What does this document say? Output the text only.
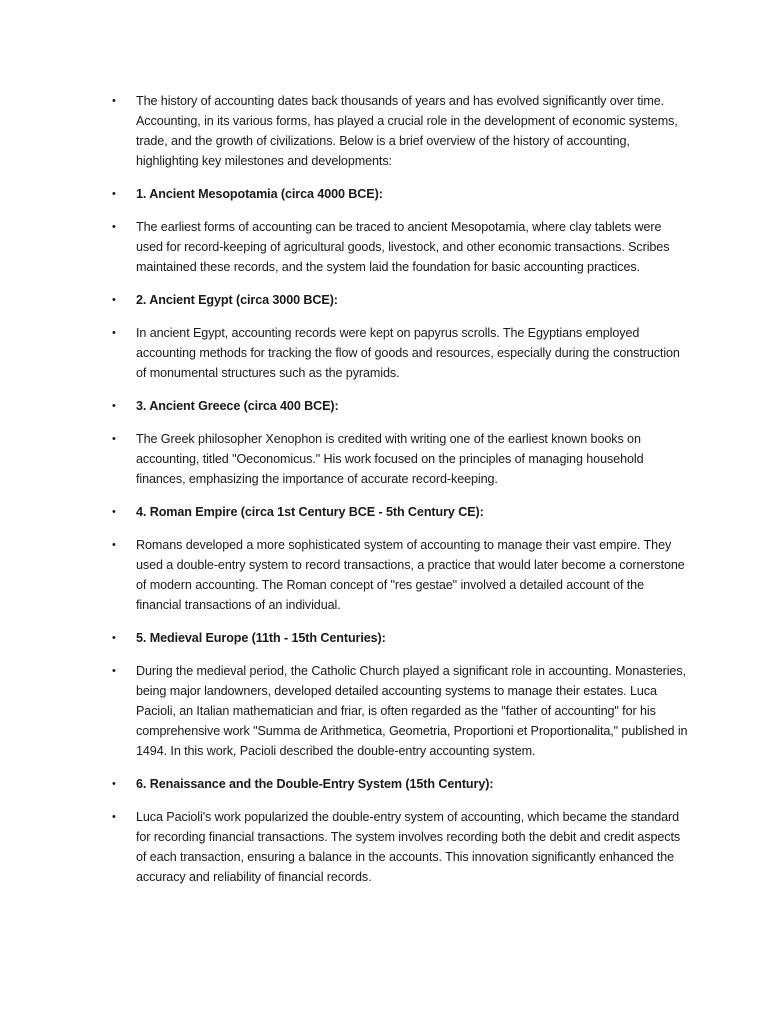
•	The history of accounting dates back thousands of years and has evolved significantly over time. Accounting, in its various forms, has played a crucial role in the development of economic systems, trade, and the growth of civilizations. Below is a brief overview of the history of accounting, highlighting key milestones and developments:
•	1. Ancient Mesopotamia (circa 4000 BCE):
•	The earliest forms of accounting can be traced to ancient Mesopotamia, where clay tablets were used for record-keeping of agricultural goods, livestock, and other economic transactions. Scribes maintained these records, and the system laid the foundation for basic accounting practices.
•	2. Ancient Egypt (circa 3000 BCE):
•	In ancient Egypt, accounting records were kept on papyrus scrolls. The Egyptians employed accounting methods for tracking the flow of goods and resources, especially during the construction of monumental structures such as the pyramids.
•	3. Ancient Greece (circa 400 BCE):
•	The Greek philosopher Xenophon is credited with writing one of the earliest known books on accounting, titled "Oeconomicus." His work focused on the principles of managing household finances, emphasizing the importance of accurate record-keeping.
•	4. Roman Empire (circa 1st Century BCE - 5th Century CE):
•	Romans developed a more sophisticated system of accounting to manage their vast empire. They used a double-entry system to record transactions, a practice that would later become a cornerstone of modern accounting. The Roman concept of "res gestae" involved a detailed account of the financial transactions of an individual.
•	5. Medieval Europe (11th - 15th Centuries):
•	During the medieval period, the Catholic Church played a significant role in accounting. Monasteries, being major landowners, developed detailed accounting systems to manage their estates. Luca Pacioli, an Italian mathematician and friar, is often regarded as the "father of accounting" for his comprehensive work "Summa de Arithmetica, Geometria, Proportioni et Proportionalita," published in 1494. In this work, Pacioli described the double-entry accounting system.
•	6. Renaissance and the Double-Entry System (15th Century):
•	Luca Pacioli's work popularized the double-entry system of accounting, which became the standard for recording financial transactions. The system involves recording both the debit and credit aspects of each transaction, ensuring a balance in the accounts. This innovation significantly enhanced the accuracy and reliability of financial records.
